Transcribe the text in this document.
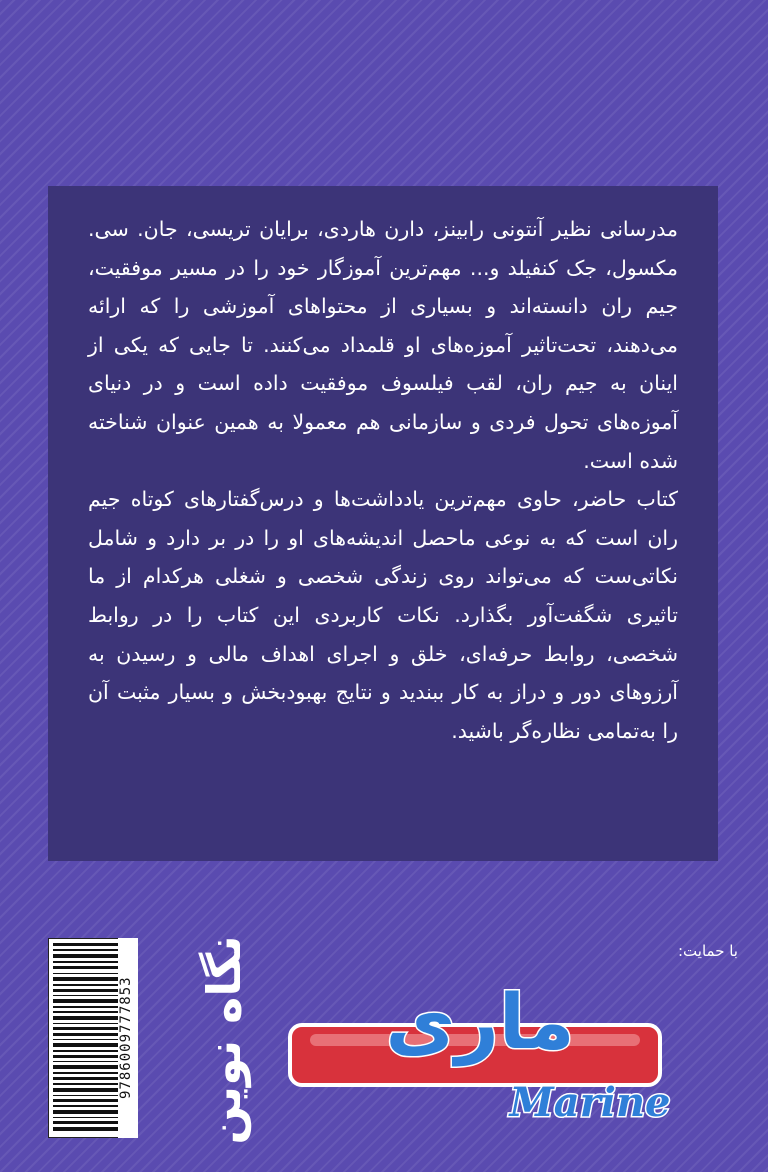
مدرسانی نظیر آنتونی رابینز، دارن هاردی، برایان تریسی، جان. سی. مکسول، جک کنفیلد و... مهم‌ترین آموزگار خود را در مسیر موفقیت، جیم ران دانسته‌اند و بسیاری از محتواهای آموزشی را که ارائه می‌دهند، تحت‌تاثیر آموزه‌های او قلمداد می‌کنند. تا جایی که یکی از اینان به جیم ران، لقب فیلسوف موفقیت داده است و در دنیای آموزه‌های تحول فردی و سازمانی هم معمولا به همین عنوان شناخته شده است.

کتاب حاضر، حاوی مهم‌ترین یادداشت‌ها و درس‌گفتارهای کوتاه جیم ران است که به نوعی ماحصل اندیشه‌های او را در بر دارد و شامل نکاتی‌ست که می‌تواند روی زندگی شخصی و شغلی هرکدام از ما تاثیری شگفت‌آور بگذارد. نکات کاربردی این کتاب را در روابط شخصی، روابط حرفه‌ای، خلق و اجرای اهداف مالی و رسیدن به آرزوهای دور و دراز به کار ببندید و نتایج بهبودبخش و بسیار مثبت آن را به‌تمامی نظاره‌گر باشید.

با حمایت:
9786009777853	ماری
Marine
نگاه نوین
